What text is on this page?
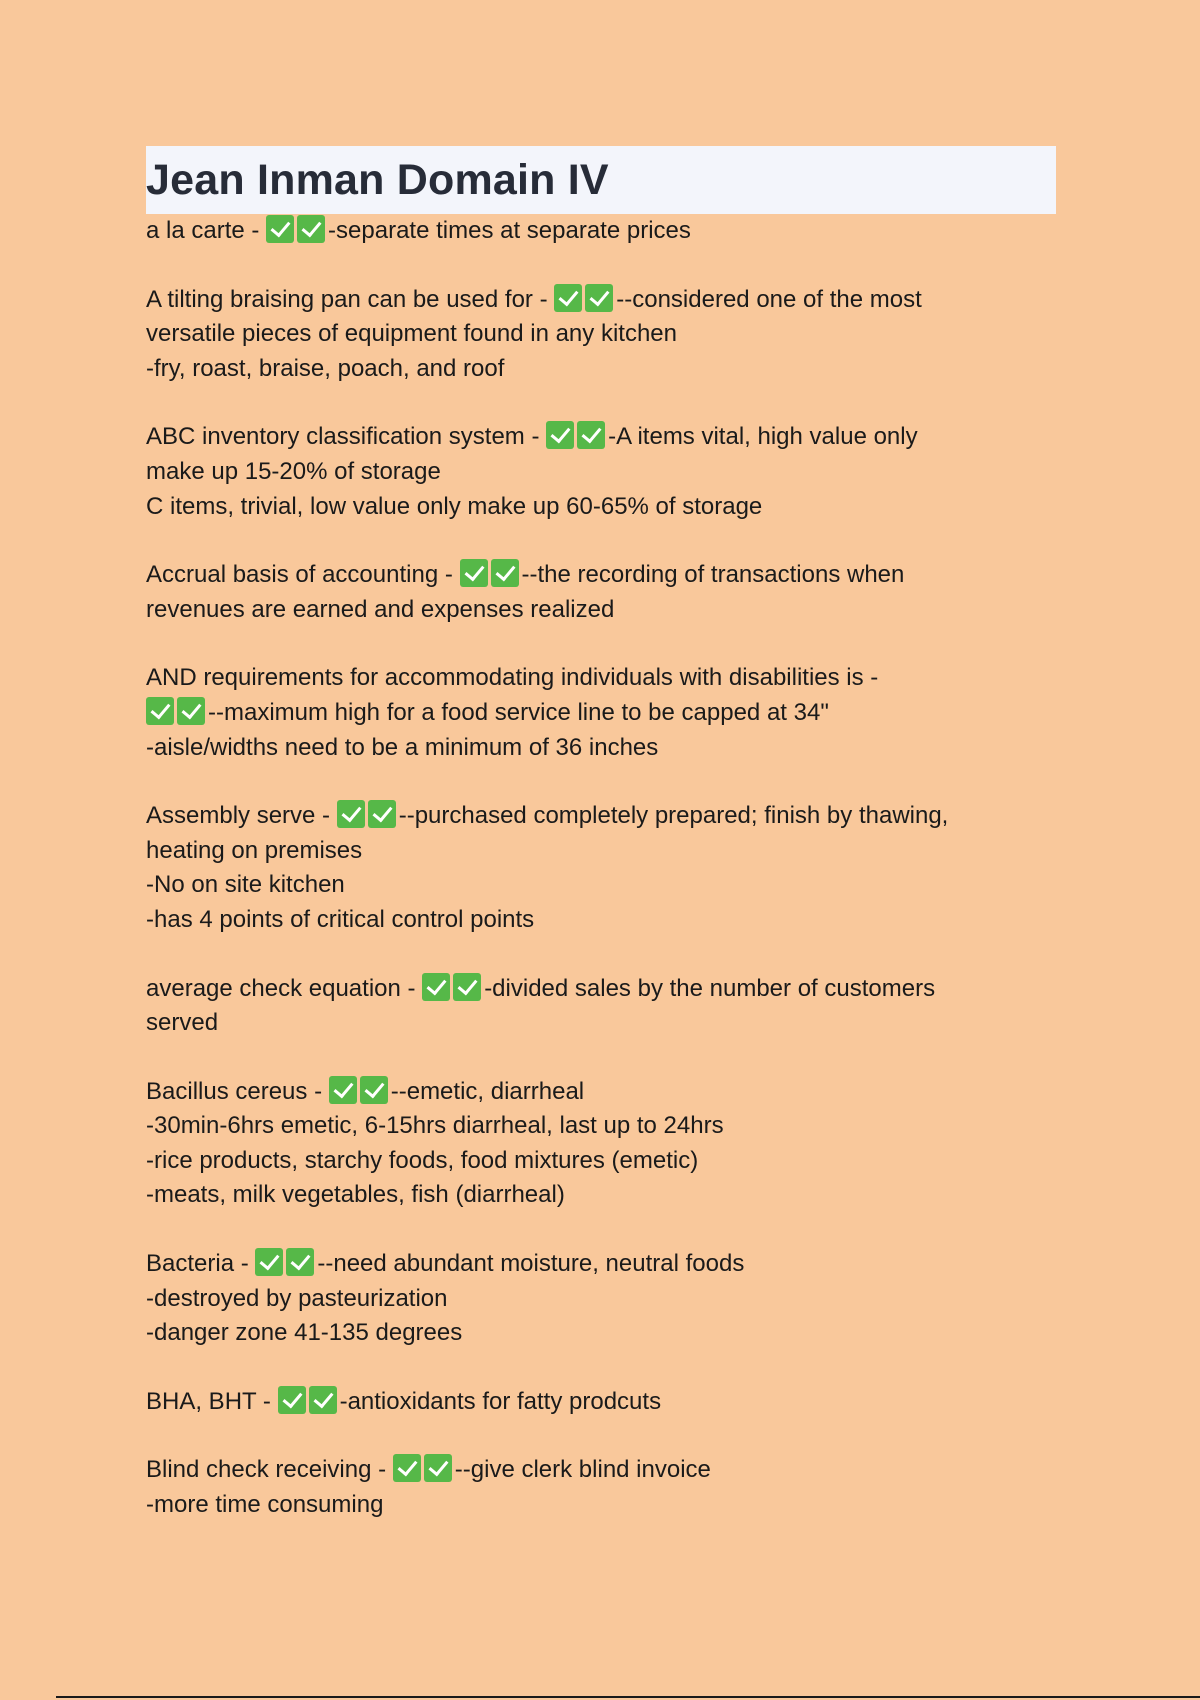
Jean Inman Domain IV
a la carte -	-separate times at separate prices
A tilting braising pan can be used for -	--considered one of the most
versatile pieces of equipment found in any kitchen
-fry, roast, braise, poach, and roof
ABC inventory classification system -	-A items vital, high value only
make up 15-20% of storage
C items, trivial, low value only make up 60-65% of storage
Accrual basis of accounting -	--the recording of transactions when
revenues are earned and expenses realized
AND requirements for accommodating individuals with disabilities is -
--maximum high for a food service line to be capped at 34"
-aisle/widths need to be a minimum of 36 inches
Assembly serve -	--purchased completely prepared; finish by thawing,
heating on premises
-No on site kitchen
-has 4 points of critical control points
average check equation -	-divided sales by the number of customers
served
Bacillus cereus -	--emetic, diarrheal
-30min-6hrs emetic, 6-15hrs diarrheal, last up to 24hrs
-rice products, starchy foods, food mixtures (emetic)
-meats, milk vegetables, fish (diarrheal)
Bacteria -	--need abundant moisture, neutral foods
-destroyed by pasteurization
-danger zone 41-135 degrees
BHA, BHT -	-antioxidants for fatty prodcuts
Blind check receiving -	--give clerk blind invoice
-more time consuming
